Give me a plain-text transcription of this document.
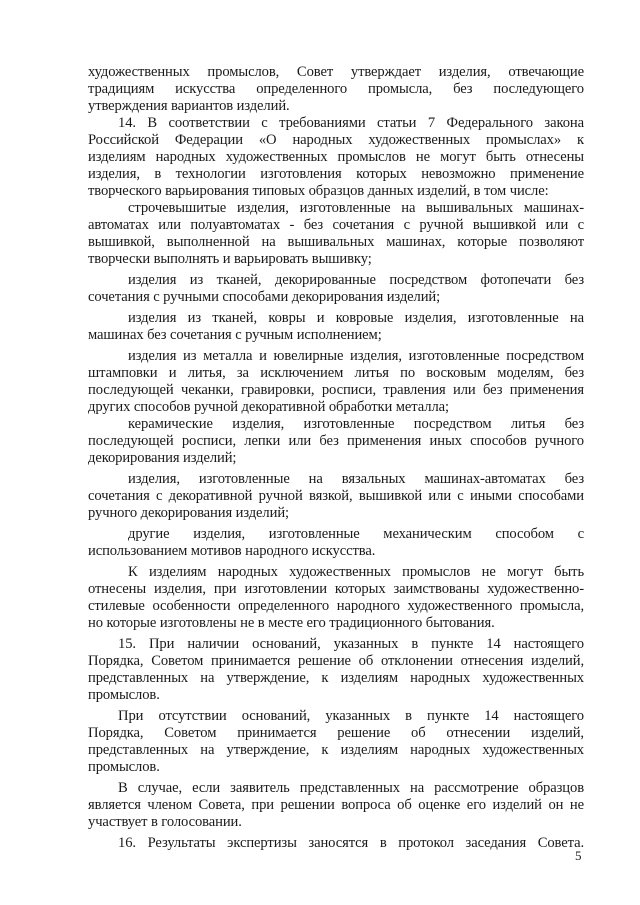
художественных промыслов, Совет утверждает изделия, отвечающие
традициям искусства определенного промысла, без последующего
утверждения вариантов изделий.
14. В соответствии с требованиями статьи 7 Федерального закона
Российской Федерации «О народных художественных промыслах» к
изделиям народных художественных промыслов не могут быть отнесены
изделия, в технологии изготовления которых невозможно применение
творческого варьирования типовых образцов данных изделий, в том числе:
строчевышитые изделия, изготовленные на вышивальных машинах-
автоматах или полуавтоматах - без сочетания с ручной вышивкой или с
вышивкой, выполненной на вышивальных машинах, которые позволяют
творчески выполнять и варьировать вышивку;
изделия из тканей, декорированные посредством фотопечати без
сочетания с ручными способами декорирования изделий;
изделия из тканей, ковры и ковровые изделия, изготовленные на
машинах без сочетания с ручным исполнением;
изделия из металла и ювелирные изделия, изготовленные посредством
штамповки и литья, за исключением литья по восковым моделям, без
последующей чеканки, гравировки, росписи, травления или без применения
других способов ручной декоративной обработки металла;
керамические изделия, изготовленные посредством литья без
последующей росписи, лепки или без применения иных способов ручного
декорирования изделий;
изделия, изготовленные на вязальных машинах-автоматах без
сочетания с декоративной ручной вязкой, вышивкой или с иными способами
ручного декорирования изделий;
другие изделия, изготовленные механическим способом с
использованием мотивов народного искусства.
К изделиям народных художественных промыслов не могут быть
отнесены изделия, при изготовлении которых заимствованы художественно-
стилевые особенности определенного народного художественного промысла,
но которые изготовлены не в месте его традиционного бытования.
15. При наличии оснований, указанных в пункте 14 настоящего
Порядка, Советом принимается решение об отклонении отнесения изделий,
представленных на утверждение, к изделиям народных художественных
промыслов.
При отсутствии оснований, указанных в пункте 14 настоящего
Порядка, Советом принимается решение об отнесении изделий,
представленных на утверждение, к изделиям народных художественных
промыслов.
В случае, если заявитель представленных на рассмотрение образцов
является членом Совета, при решении вопроса об оценке его изделий он не
участвует в голосовании.
16. Результаты экспертизы заносятся в протокол заседания Совета.
5
